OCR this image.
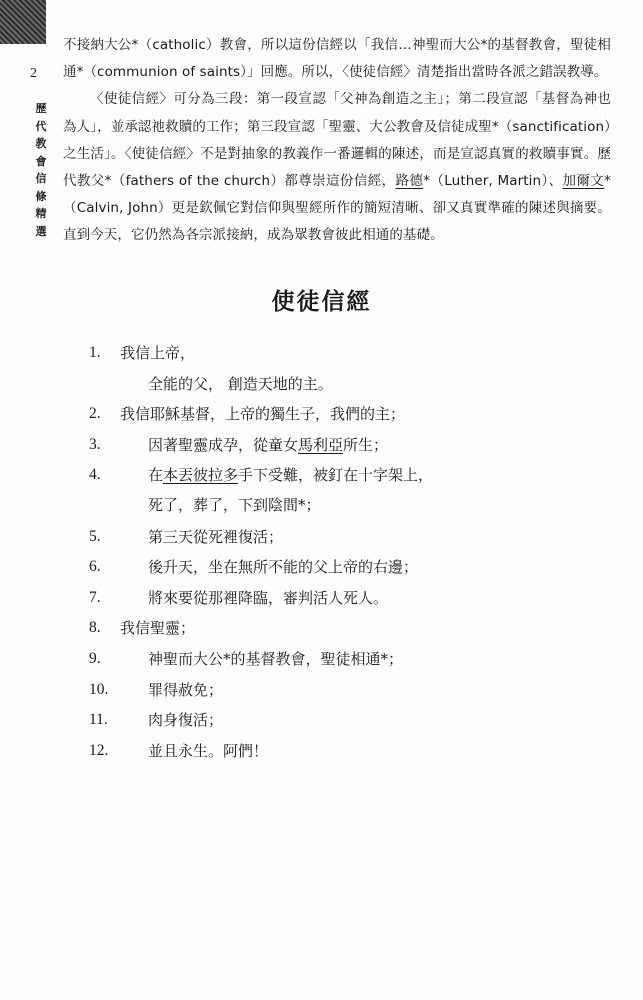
2
歷
代
教
會
信
條
精
選

不接納大公*（catholic）教會，所以這份信經以「我信…神聖而大公*的基督教會，聖徒相通*（communion of saints）」回應。所以，〈使徒信經〉清楚指出當時各派之錯誤教導。

〈使徒信經〉可分為三段：第一段宣認「父神為創造之主」；第二段宣認「基督為神也為人」，並承認祂救贖的工作；第三段宣認「聖靈、大公教會及信徒成聖*（sanctification）之生活」。〈使徒信經〉不是對抽象的教義作一番邏輯的陳述，而是宣認真實的救贖事實。歷代教父*（fathers of the church）都尊崇這份信經，路德*（Luther, Martin）、加爾文*（Calvin, John）更是欽佩它對信仰與聖經所作的簡短清晰、卻又真實準確的陳述與摘要。直到今天，它仍然為各宗派接納，成為眾教會彼此相通的基礎。

使徒信經
1. 我信上帝，
全能的父， 創造天地的主。
2. 我信耶穌基督，上帝的獨生子，我們的主；
3.	因著聖靈成孕，從童女馬利亞所生；
4.	在本丟彼拉多手下受難，被釘在十字架上，
死了，葬了，下到陰間*；
5.	第三天從死裡復活；
6.	後升天，坐在無所不能的父上帝的右邊；
7.	將來要從那裡降臨，審判活人死人。
8. 我信聖靈；
9.	神聖而大公*的基督教會，聖徒相通*；
10.	罪得赦免；
11.	肉身復活；
12.	並且永生。阿們！
